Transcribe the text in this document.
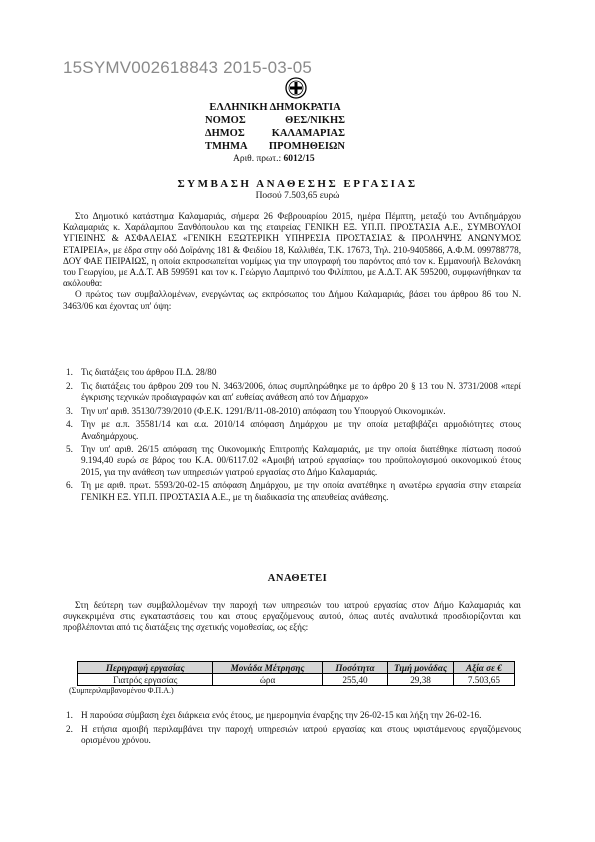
15SYMV002618843 2015-03-05
ΕΛΛΗΝΙΚΗ ΔΗΜΟΚΡΑΤΙΑ
ΝΟΜΟΣ	ΘΕΣ/ΝΙΚΗΣ
ΔΗΜΟΣ	ΚΑΛΑΜΑΡΙΑΣ
ΤΜΗΜΑ ΠΡΟΜΗΘΕΙΩΝ
Αριθ. πρωτ.: 6012/15
ΣΥΜΒΑΣΗ ΑΝΑΘΕΣΗΣ ΕΡΓΑΣΙΑΣ
Ποσού 7.503,65 ευρώ

Στο Δημοτικό κατάστημα Καλαμαριάς, σήμερα 26 Φεβρουαρίου 2015, ημέρα Πέμπτη, μεταξύ του Αντιδημάρχου Καλαμαριάς κ. Χαράλαμπου Ξανθόπουλου και της εταιρείας ΓΕΝΙΚΗ ΕΞ. ΥΠ.Π. ΠΡΟΣΤΑΣΙΑ Α.Ε., ΣΥΜΒΟΥΛΟΙ ΥΓΙΕΙΝΗΣ & ΑΣΦΑΛΕΙΑΣ «ΓΕΝΙΚΗ ΕΞΩΤΕΡΙΚΗ ΥΠΗΡΕΣΙΑ ΠΡΟΣΤΑΣΙΑΣ & ΠΡΟΛΗΨΗΣ ΑΝΩΝΥΜΟΣ ΕΤΑΙΡΕΙΑ», με έδρα στην οδό Δοϊράνης 181 & Φειδίου 18, Καλλιθέα, Τ.Κ. 17673, Τηλ. 210-9405866, Α.Φ.Μ. 099788778, ΔΟΥ ΦΑΕ ΠΕΙΡΑΙΩΣ, η οποία εκπροσωπείται νομίμως για την υπογραφή του παρόντος από τον κ. Εμμανουήλ Βελονάκη του Γεωργίου, με Α.Δ.Τ. ΑΒ 599591 και τον κ. Γεώργιο Λαμπρινό του Φιλίππου, με Α.Δ.Τ. ΑΚ 595200, συμφωνήθηκαν τα ακόλουθα:

Ο πρώτος των συμβαλλομένων, ενεργώντας ως εκπρόσωπος του Δήμου Καλαμαριάς, βάσει του άρθρου 86 του Ν. 3463/06 και έχοντας υπ' όψη:

1. Τις διατάξεις του άρθρου Π.Δ. 28/80
2. Τις διατάξεις του άρθρου 209 του Ν. 3463/2006, όπως συμπληρώθηκε με το άρθρο 20 § 13 του Ν. 3731/2008 «περί έγκρισης τεχνικών προδιαγραφών και απ' ευθείας ανάθεση από τον Δήμαρχο»
3. Την υπ' αριθ. 35130/739/2010 (Φ.Ε.Κ. 1291/Β/11-08-2010) απόφαση του Υπουργού Οικονομικών.
4. Την με α.π. 35581/14 και α.α. 2010/14 απόφαση Δημάρχου με την οποία μεταβιβάζει αρμοδιότητες στους Αναδημάρχους.
5. Την υπ' αριθ. 26/15 απόφαση της Οικονομικής Επιτροπής Καλαμαριάς, με την οποία διατέθηκε πίστωση ποσού 9.194,40 ευρώ σε βάρος του Κ.Α. 00/6117.02 «Αμοιβή ιατρού εργασίας» του προϋπολογισμού οικονομικού έτους 2015, για την ανάθεση των υπηρεσιών γιατρού εργασίας στο Δήμο Καλαμαριάς.
6. Τη με αριθ. πρωτ. 5593/20-02-15 απόφαση Δημάρχου, με την οποία ανατέθηκε η ανωτέρω εργασία στην εταιρεία ΓΕΝΙΚΗ ΕΞ. ΥΠ.Π. ΠΡΟΣΤΑΣΙΑ Α.Ε., με τη διαδικασία της απευθείας ανάθεσης.
ΑΝΑΘΕΤΕΙ

Στη δεύτερη των συμβαλλομένων την παροχή των υπηρεσιών του ιατρού εργασίας στον Δήμο Καλαμαριάς και συγκεκριμένα στις εγκαταστάσεις του και στους εργαζόμενους αυτού, όπως αυτές αναλυτικά προσδιορίζονται και προβλέπονται από τις διατάξεις της σχετικής νομοθεσίας, ως εξής:

Περιγραφή εργασίας	Μονάδα Μέτρησης	Ποσότητα	Τιμή μονάδας	Αξία σε €
Γιατρός εργασίας	ώρα	255,40	29,38	7.503,65
(Συμπεριλαμβανομένου Φ.Π.Α.)
1. Η παρούσα σύμβαση έχει διάρκεια ενός έτους, με ημερομηνία έναρξης την 26-02-15 και λήξη την 26-02-16.
2. Η ετήσια αμοιβή περιλαμβάνει την παροχή υπηρεσιών ιατρού εργασίας και στους υφιστάμενους εργαζόμενους ορισμένου χρόνου.
